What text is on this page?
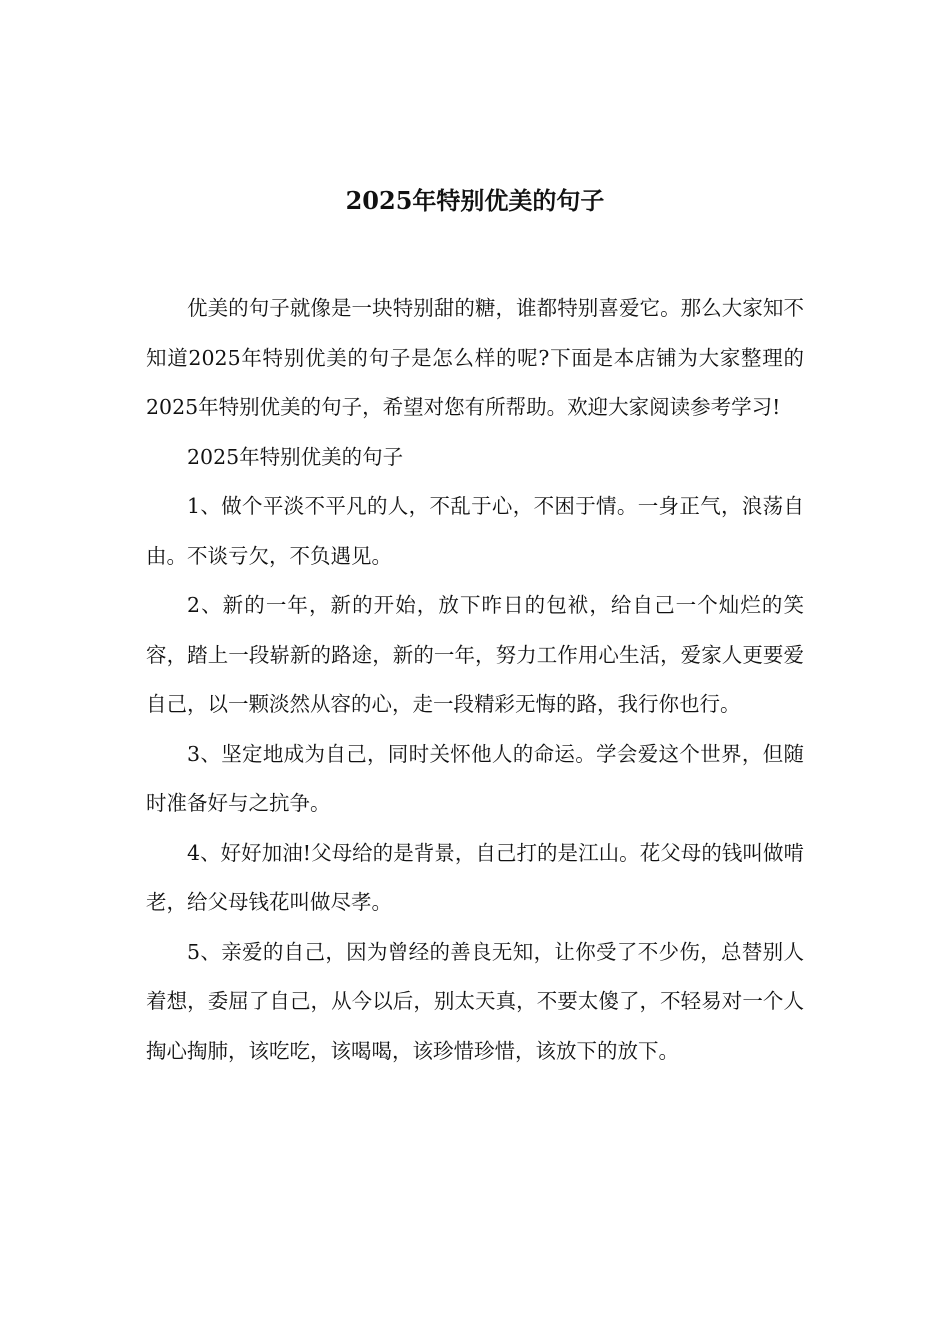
2025年特别优美的句子

优美的句子就像是一块特别甜的糖，谁都特别喜爱它。那么大家知不知道2025年特别优美的句子是怎么样的呢?下面是本店铺为大家整理的2025年特别优美的句子，希望对您有所帮助。欢迎大家阅读参考学习!

2025年特别优美的句子

1、做个平淡不平凡的人，不乱于心，不困于情。一身正气，浪荡自由。不谈亏欠，不负遇见。

2、新的一年，新的开始，放下昨日的包袱，给自己一个灿烂的笑容，踏上一段崭新的路途，新的一年，努力工作用心生活，爱家人更要爱自己，以一颗淡然从容的心，走一段精彩无悔的路，我行你也行。

3、坚定地成为自己，同时关怀他人的命运。学会爱这个世界，但随时准备好与之抗争。

4、好好加油!父母给的是背景，自己打的是江山。花父母的钱叫做啃老，给父母钱花叫做尽孝。

5、亲爱的自己，因为曾经的善良无知，让你受了不少伤，总替别人着想，委屈了自己，从今以后，别太天真，不要太傻了，不轻易对一个人掏心掏肺，该吃吃，该喝喝，该珍惜珍惜，该放下的放下。
